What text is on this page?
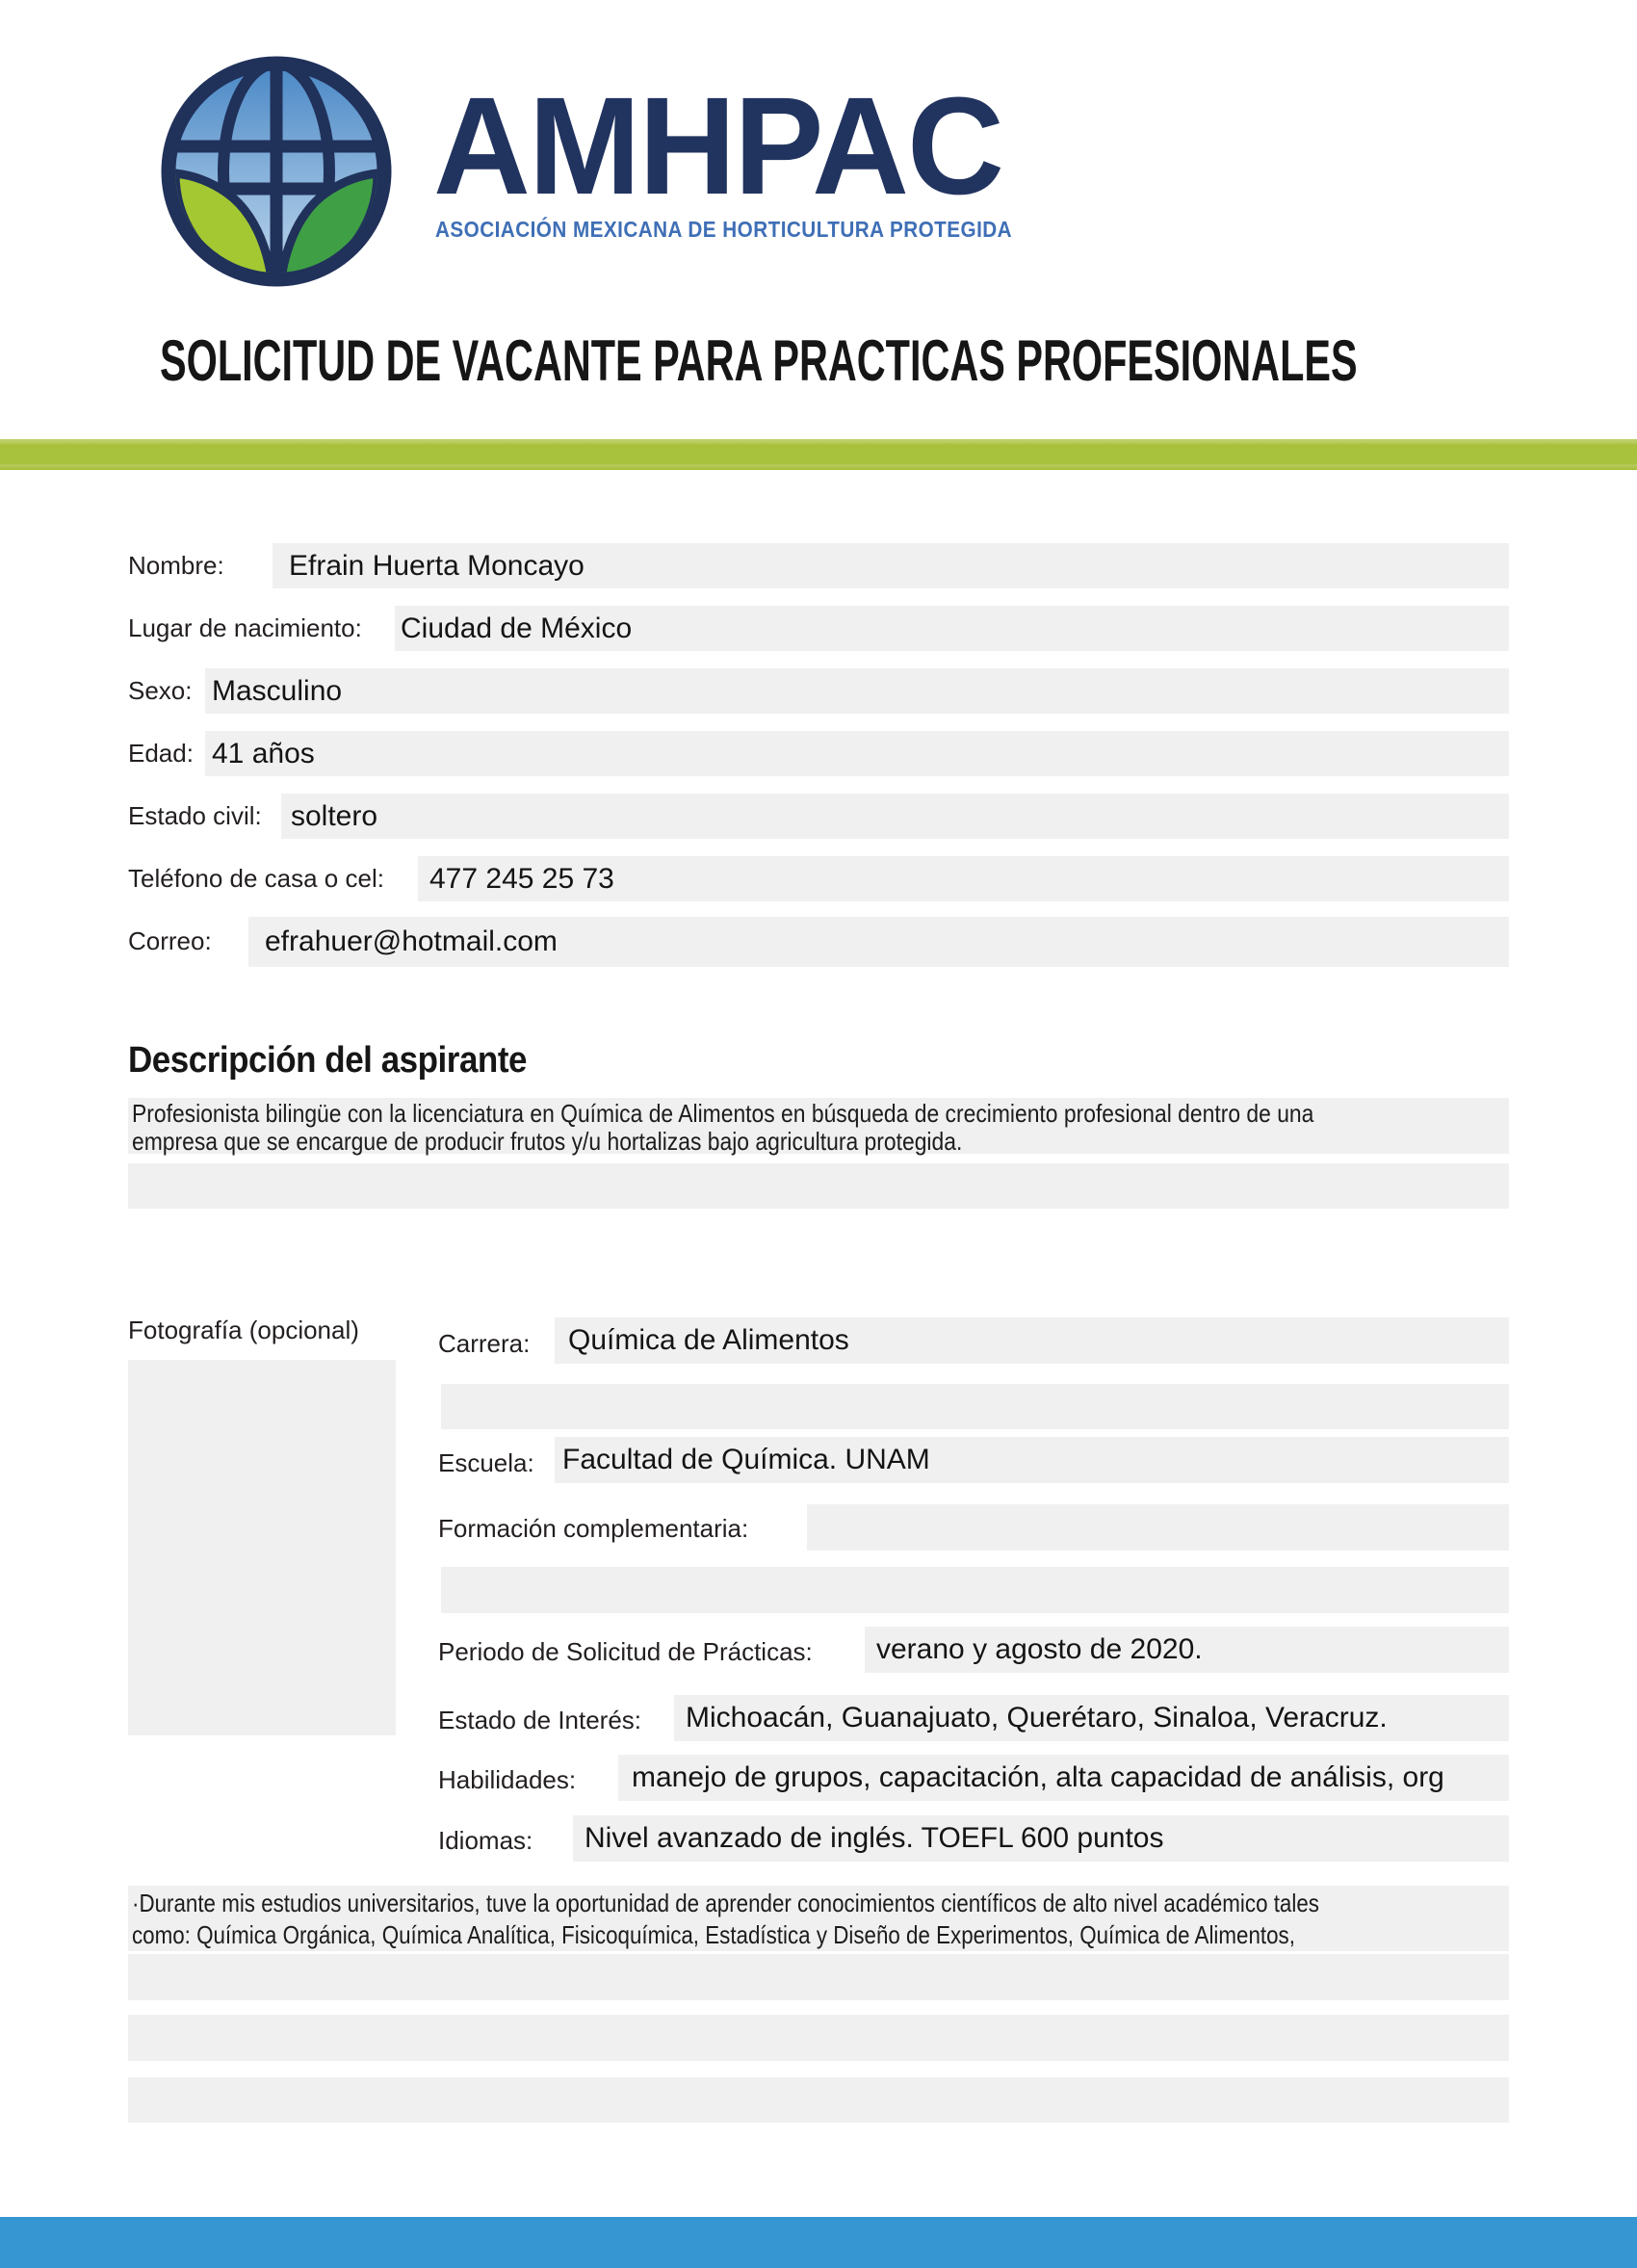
AMHPAC
ASOCIACIÓN MEXICANA DE HORTICULTURA PROTEGIDA
SOLICITUD DE VACANTE PARA PRACTICAS PROFESIONALES
Nombre:	Efrain Huerta Moncayo
Lugar de nacimiento: Ciudad de México
Sexo: Masculino
Edad: 41 años
Estado civil:	soltero
Teléfono de casa o cel:	477 245 25 73
Correo:	efrahuer@hotmail.com
Descripción del aspirante
Profesionista bilingüe con la licenciatura en Química de Alimentos en búsqueda de crecimiento profesional dentro de una
empresa que se encargue de producir frutos y/u hortalizas bajo agricultura protegida.
Fotografía (opcional)	Carrera:	Química de Alimentos
Escuela: Facultad de Química. UNAM
Formación complementaria:
Periodo de Solicitud de Prácticas:	verano y agosto de 2020.
Estado de Interés:	Michoacán, Guanajuato, Querétaro, Sinaloa, Veracruz.
Habilidades:	manejo de grupos, capacitación, alta capacidad de análisis, org
Idiomas:	Nivel avanzado de inglés. TOEFL 600 puntos
·Durante mis estudios universitarios, tuve la oportunidad de aprender conocimientos científicos de alto nivel académico tales
como: Química Orgánica, Química Analítica, Fisicoquímica, Estadística y Diseño de Experimentos, Química de Alimentos,
